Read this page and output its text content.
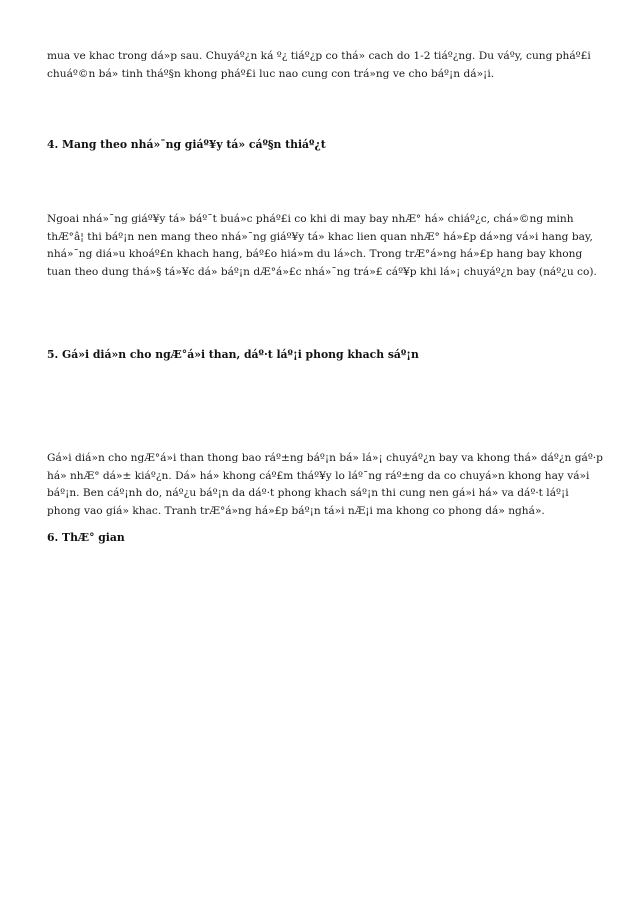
mua ve khac trong dá»p sau. Chuyáº¿n ká º¿ tiáº¿p co thá» cach do 1-2 tiáº¿ng. Du váºy, cung pháº£i chuáº©n bá» tinh tháº§n khong pháº£i luc nao cung con trá»ng ve cho báº¡n dá»¡i.

4. Mang theo nhá»¯ng giáº¥y tá» cáº§n thiáº¿t

Ngoai nhá»¯ng giáº¥y tá» báº¯t buá»c pháº£i co khi di may bay nhÆ° há» chiáº¿c, chá»©ng minh thÆ°â¦ thi báº¡n nen mang theo nhá»¯ng giáº¥y tá» khac lien quan nhÆ° há»£p dá»ng vá»i hang bay, nhá»¯ng diá»u khoáº£n khach hang, báº£o hiá»m du lá»ch. Trong trÆ°á»ng há»£p hang bay khong tuan theo dung thá»§ tá»¥c dá» báº¡n dÆ°á»£c nhá»¯ng trá»£ cáº¥p khi lá»¡ chuyáº¿n bay (náº¿u co).

5. Gá»i diá»n cho ngÆ°á»i than, dáº·t láº¡i phong khach sáº¡n

Gá»i diá»n cho ngÆ°á»i than thong bao ráº±ng báº¡n bá» lá»¡ chuyáº¿n bay va khong thá» dáº¿n gáº·p há» nhÆ° dá»± kiáº¿n. Dá» há» khong cáº£m tháº¥y lo láº¯ng ráº±ng da co chuyá»n khong hay vá»i báº¡n. Ben cáº¡nh do, náº¿u báº¡n da dáº·t phong khach sáº¡n thi cung nen gá»i há» va dáº·t láº¡i phong vao giá» khac. Tranh trÆ°á»ng há»£p báº¡n tá»i nÆ¡i ma khong co phong dá» nghá».

6. ThÆ° gian
